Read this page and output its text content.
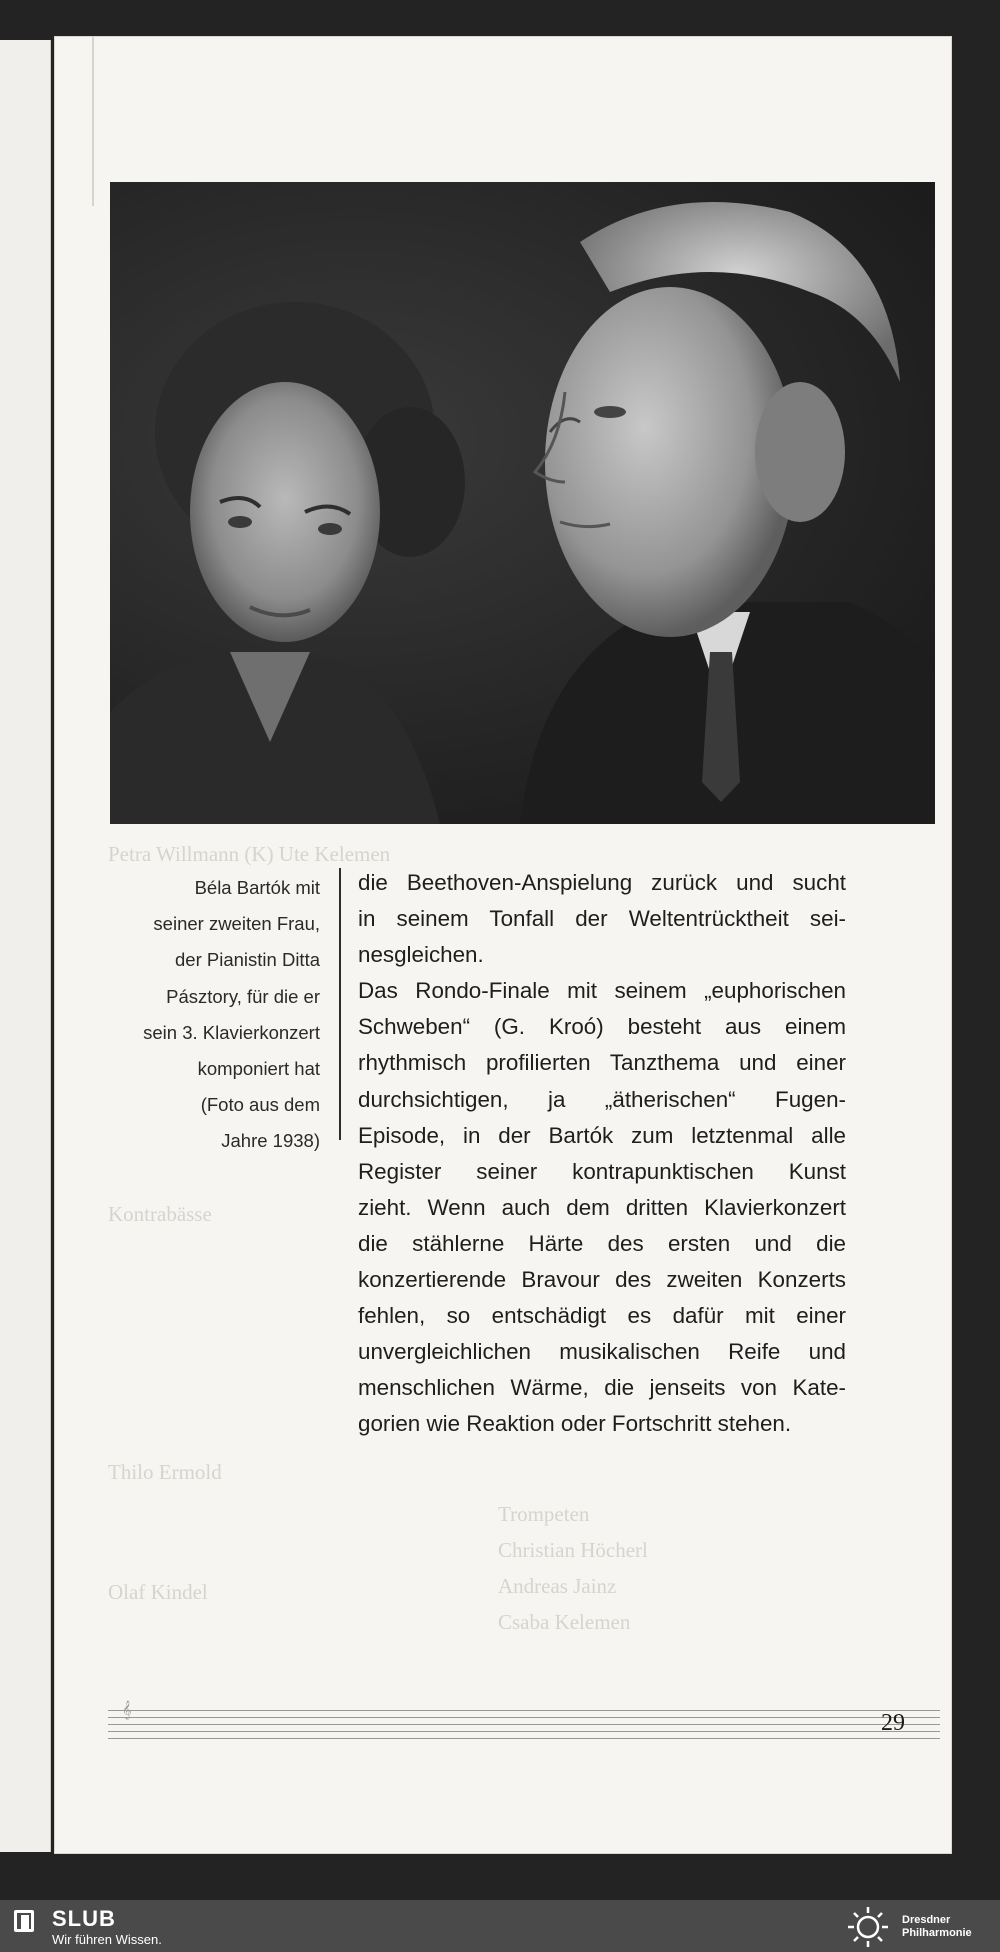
Petra Willmann (K) Ute Kelemen
Kontrabässe
Thilo Ermold
Olaf Kindel
Trompeten
Christian Höcherl
Andreas Jainz
Csaba Kelemen
Béla Bartók mit
seiner zweiten Frau,
der Pianistin Ditta
Pásztory, für die er
sein 3. Klavierkonzert
komponiert hat
(Foto aus dem
Jahre 1938)
die Beethoven-Anspielung zurück und sucht
in seinem Tonfall der Weltentrücktheit sei-
nesgleichen.
Das Rondo-Finale mit seinem „euphorischen
Schweben“ (G. Kroó) besteht aus einem
rhythmisch profilierten Tanzthema und einer
durchsichtigen, ja „ätherischen“ Fugen-
Episode, in der Bartók zum letztenmal alle
Register seiner kontrapunktischen Kunst
zieht. Wenn auch dem dritten Klavierkonzert
die stählerne Härte des ersten und die
konzertierende Bravour des zweiten Konzerts
fehlen, so entschädigt es dafür mit einer
unvergleichlichen musikalischen Reife und
menschlichen Wärme, die jenseits von Kate-
gorien wie Reaktion oder Fortschritt stehen.
29
SLUB
Wir führen Wissen.
Dresdner
Philharmonie
